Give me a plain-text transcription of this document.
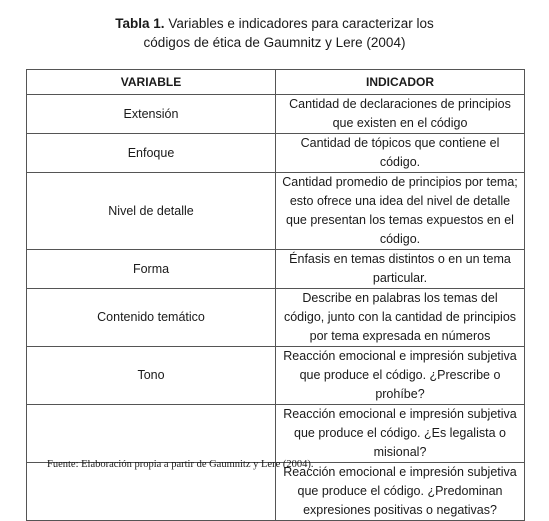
Tabla 1. Variables e indicadores para caracterizar los
códigos de ética de Gaumnitz y Lere (2004)
VARIABLE	INDICADOR
Extensión	Cantidad de declaraciones de principios que existen en el código
Enfoque	Cantidad de tópicos que contiene el código.
Nivel de detalle	Cantidad promedio de principios por tema; esto ofrece una idea del nivel de detalle que presentan los temas expuestos en el código.
Forma	Énfasis en temas distintos o en un tema particular.
Contenido temático	Describe en palabras los temas del código, junto con la cantidad de principios por tema expresada en números
Tono	Reacción emocional e impresión subjetiva que produce el código. ¿Prescribe o prohíbe?
	Reacción emocional e impresión subjetiva que produce el código. ¿Es legalista o misional?
	Reacción emocional e impresión subjetiva que produce el código. ¿Predominan expresiones positivas o negativas?
Fuente: Elaboración propia a partir de Gaumnitz y Lere (2004).
